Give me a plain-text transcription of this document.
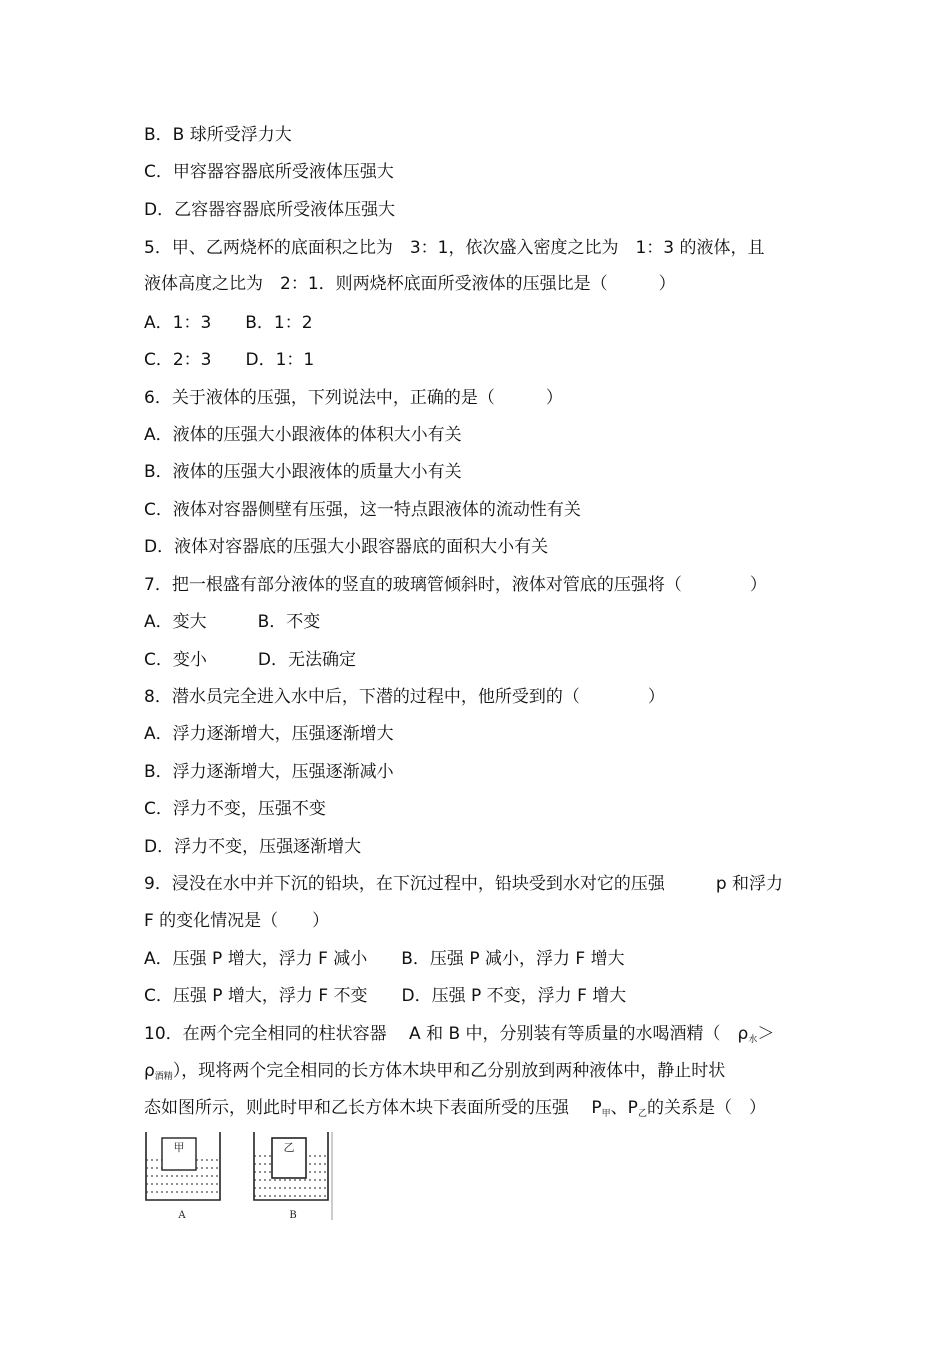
B．B 球所受浮力大
C．甲容器容器底所受液体压强大
D．乙容器容器底所受液体压强大
5．甲、乙两烧杯的底面积之比为　3：1，依次盛入密度之比为　1：3 的液体，且
液体高度之比为　2：1．则两烧杯底面所受液体的压强比是（　　　）
A．1：3　　B．1：2
C．2：3　　D．1：1
6．关于液体的压强，下列说法中，正确的是（　　　）
A．液体的压强大小跟液体的体积大小有关
B．液体的压强大小跟液体的质量大小有关
C．液体对容器侧壁有压强，这一特点跟液体的流动性有关
D．液体对容器底的压强大小跟容器底的面积大小有关
7．把一根盛有部分液体的竖直的玻璃管倾斜时，液体对管底的压强将（　　　　）
A．变大　　　B．不变
C．变小　　　D．无法确定
8．潜水员完全进入水中后，下潜的过程中，他所受到的（　　　　）
A．浮力逐渐增大，压强逐渐增大
B．浮力逐渐增大，压强逐渐减小
C．浮力不变，压强不变
D．浮力不变，压强逐渐增大
9．浸没在水中并下沉的铅块，在下沉过程中，铅块受到水对它的压强　　　p 和浮力
F 的变化情况是（　　）
A．压强 P 增大，浮力 F 减小　　B．压强 P 减小，浮力 F 增大
C．压强 P 增大，浮力 F 不变　　D．压强 P 不变，浮力 F 增大
10．在两个完全相同的柱状容器　 A 和 B 中，分别装有等质量的水喝酒精（　$\rho_水>$
$\rho_{酒精}$），现将两个完全相同的长方体木块甲和乙分别放到两种液体中，静止时状
态如图所示，则此时甲和乙长方体木块下表面所受的压强　 $P_甲$、$P_乙$的关系是（　）
甲
A
乙
B
